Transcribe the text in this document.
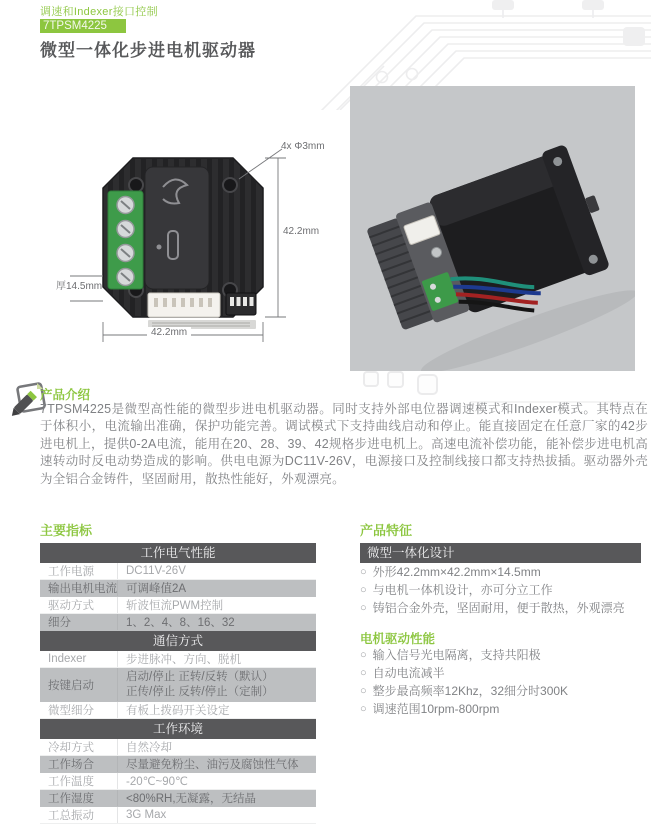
调速和Indexer接口控制
7TPSM4225
微型一体化步进电机驱动器
4x Φ3mm
42.2mm
厚14.5mm
42.2mm
产品介绍
7TPSM4225是微型高性能的微型步进电机驱动器。同时支持外部电位器调速模式和Indexer模式。其特点在于体积小，电流输出准确，保护功能完善。调试模式下支持曲线启动和停止。能直接固定在任意厂家的42步进电机上，提供0-2A电流，能用在20、28、39、42规格步进电机上。高速电流补偿功能，能补偿步进电机高速转动时反电动势造成的影响。供电电源为DC11V-26V，电源接口及控制线接口都支持热拔插。驱动器外壳为全铝合金铸件，坚固耐用，散热性能好，外观漂亮。
主要指标
工作电气性能
工作电源	DC11V-26V
输出电机电流 可调峰值2A
驱动方式	斩波恒流PWM控制
细分	1、2、4、8、16、32
通信方式
Indexer	步进脉冲、方向、脱机
按键启动
启动/停止 正转/反转（默认）
正传/停止 反转/停止（定制）
微型细分	有板上拨码开关设定
工作环境
冷却方式	自然冷却
工作场合	尽量避免粉尘、油污及腐蚀性气体
工作温度	-20℃~90℃
工作湿度	<80%RH,无凝露，无结晶
工总振动	3G Max
产品特征
微型一体化设计
○ 外形42.2mm×42.2mm×14.5mm
○ 与电机一体机设计，亦可分立工作
○ 铸铝合金外壳，坚固耐用，便于散热，外观漂亮
电机驱动性能
○ 输入信号光电隔离，支持共阳极
○ 自动电流减半
○ 整步最高频率12Khz，32细分时300K
○ 调速范围10rpm-800rpm
